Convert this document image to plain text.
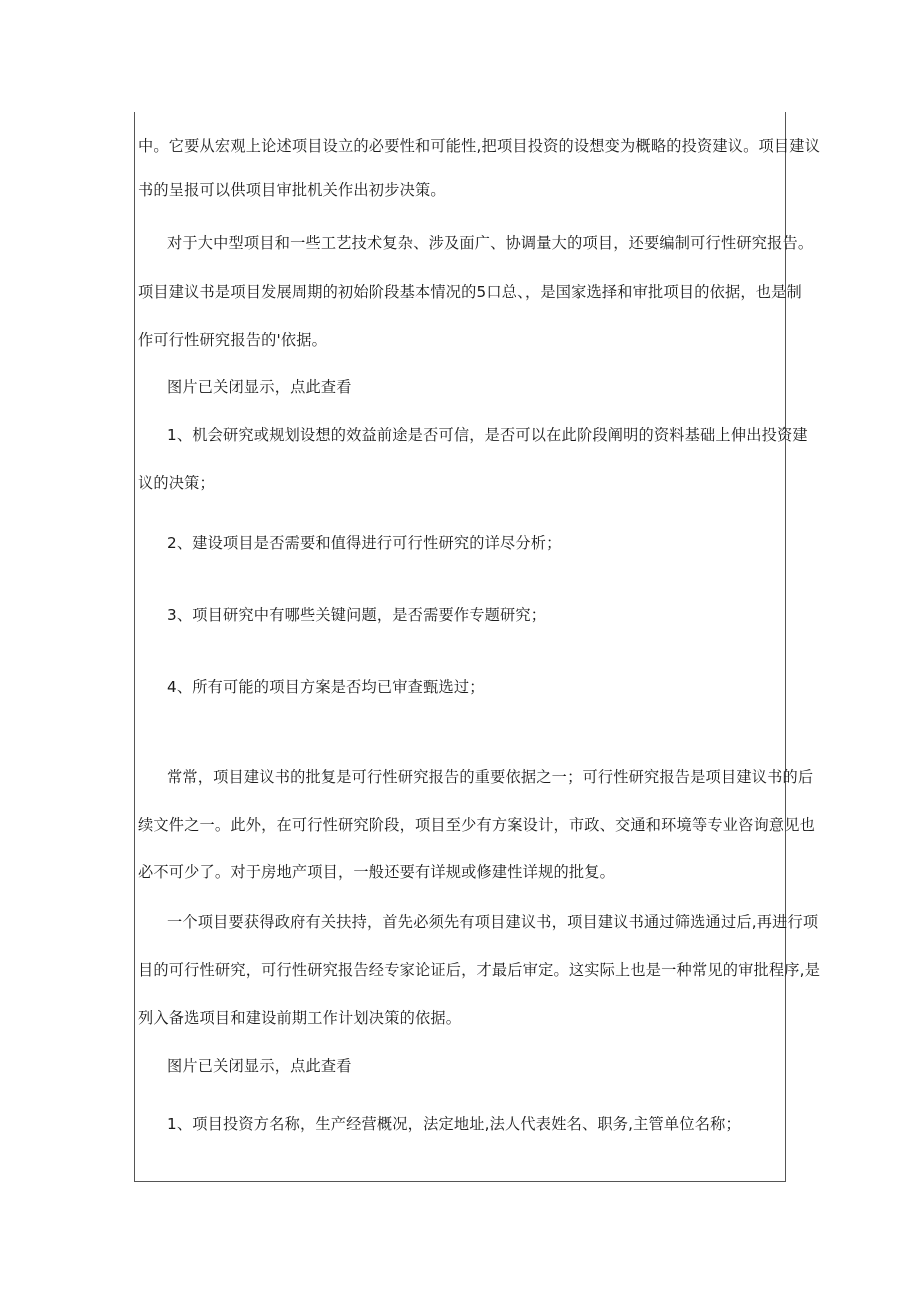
中。它要从宏观上论述项目设立的必要性和可能性,把项目投资的设想变为概略的投资建议。项目建议
书的呈报可以供项目审批机关作出初步决策。
对于大中型项目和一些工艺技术复杂、涉及面广、协调量大的项目，还要编制可行性研究报告。
项目建议书是项目发展周期的初始阶段基本情况的5口总、，是国家选择和审批项目的依据，也是制
作可行性研究报告的'依据。
图片已关闭显示，点此查看
1、机会研究或规划设想的效益前途是否可信，是否可以在此阶段阐明的资料基础上伸出投资建
议的决策；
2、建设项目是否需要和值得进行可行性研究的详尽分析；
3、项目研究中有哪些关键问题，是否需要作专题研究；
4、所有可能的项目方案是否均已审查甄选过；
常常，项目建议书的批复是可行性研究报告的重要依据之一；可行性研究报告是项目建议书的后
续文件之一。此外，在可行性研究阶段，项目至少有方案设计，市政、交通和环境等专业咨询意见也
必不可少了。对于房地产项目，一般还要有详规或修建性详规的批复。
一个项目要获得政府有关扶持，首先必须先有项目建议书，项目建议书通过筛选通过后,再进行项
目的可行性研究，可行性研究报告经专家论证后，才最后审定。这实际上也是一种常见的审批程序,是
列入备选项目和建设前期工作计划决策的依据。
图片已关闭显示，点此查看
1、项目投资方名称，生产经营概况，法定地址,法人代表姓名、职务,主管单位名称；
